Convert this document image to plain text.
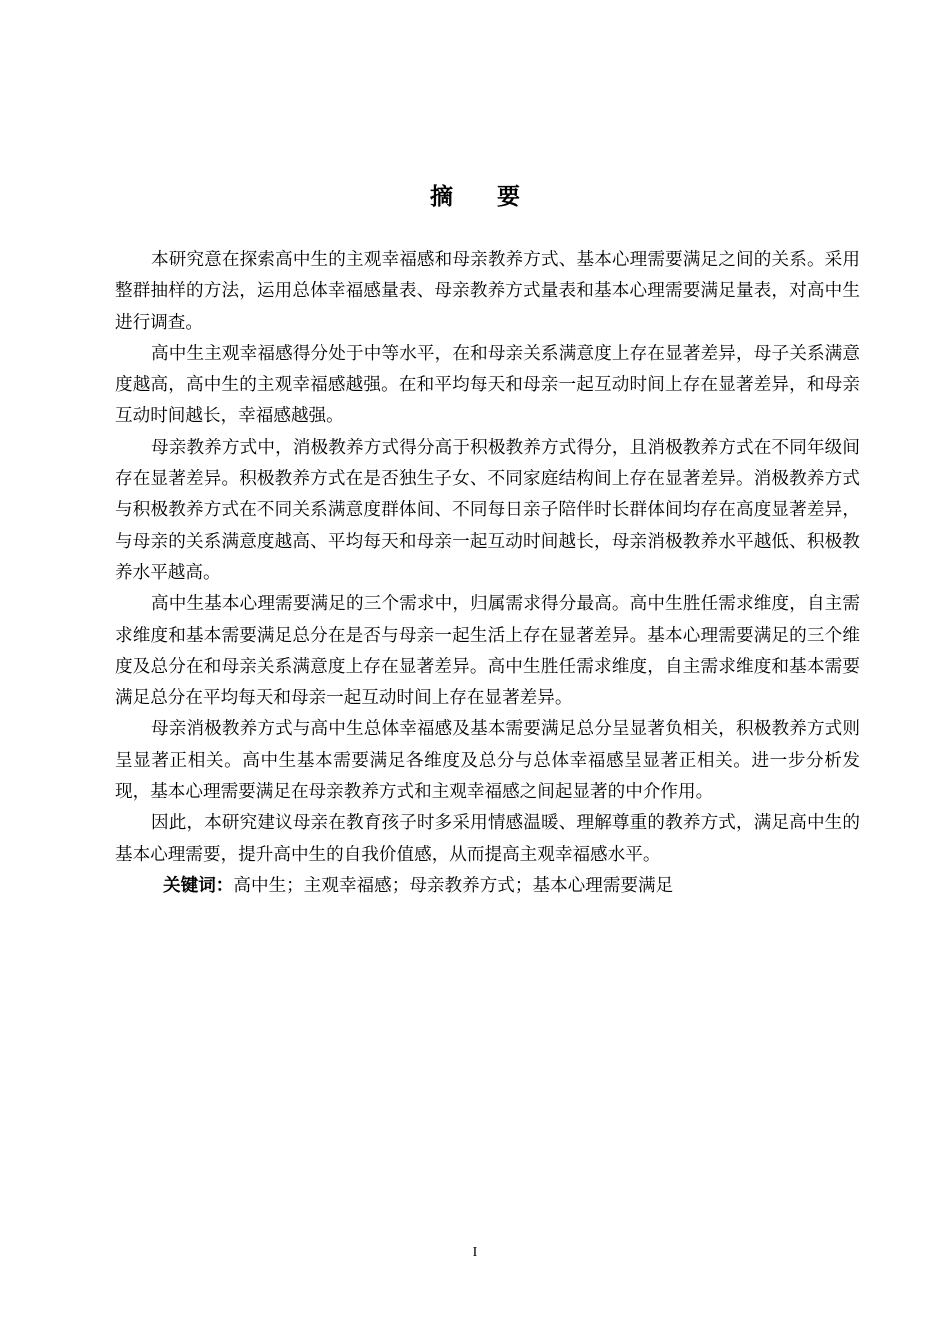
摘 要

本研究意在探索高中生的主观幸福感和母亲教养方式、基本心理需要满足之间的关系。采用整群抽样的方法，运用总体幸福感量表、母亲教养方式量表和基本心理需要满足量表，对高中生进行调查。

高中生主观幸福感得分处于中等水平，在和母亲关系满意度上存在显著差异，母子关系满意度越高，高中生的主观幸福感越强。在和平均每天和母亲一起互动时间上存在显著差异，和母亲互动时间越长，幸福感越强。

母亲教养方式中，消极教养方式得分高于积极教养方式得分，且消极教养方式在不同年级间存在显著差异。积极教养方式在是否独生子女、不同家庭结构间上存在显著差异。消极教养方式与积极教养方式在不同关系满意度群体间、不同每日亲子陪伴时长群体间均存在高度显著差异，与母亲的关系满意度越高、平均每天和母亲一起互动时间越长，母亲消极教养水平越低、积极教养水平越高。

高中生基本心理需要满足的三个需求中，归属需求得分最高。高中生胜任需求维度，自主需求维度和基本需要满足总分在是否与母亲一起生活上存在显著差异。基本心理需要满足的三个维度及总分在和母亲关系满意度上存在显著差异。高中生胜任需求维度，自主需求维度和基本需要满足总分在平均每天和母亲一起互动时间上存在显著差异。

母亲消极教养方式与高中生总体幸福感及基本需要满足总分呈显著负相关，积极教养方式则呈显著正相关。高中生基本需要满足各维度及总分与总体幸福感呈显著正相关。进一步分析发现，基本心理需要满足在母亲教养方式和主观幸福感之间起显著的中介作用。

因此，本研究建议母亲在教育孩子时多采用情感温暖、理解尊重的教养方式，满足高中生的基本心理需要，提升高中生的自我价值感，从而提高主观幸福感水平。

关键词：高中生；主观幸福感；母亲教养方式；基本心理需要满足

I
